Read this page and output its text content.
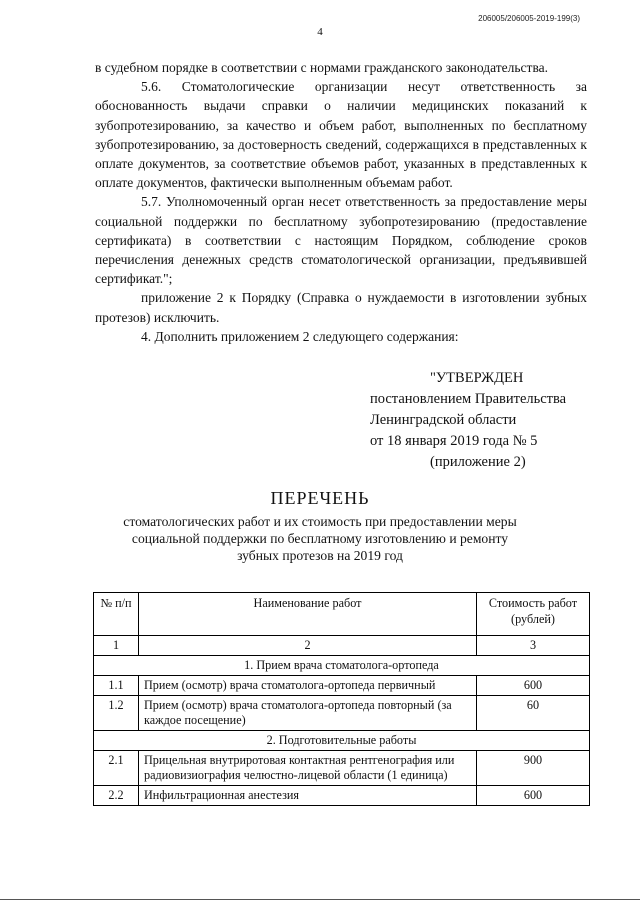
206005/206005-2019-199(3)
4

в судебном порядке в соответствии с нормами гражданского законодательства.

5.6. Стоматологические организации несут ответственность за обоснованность выдачи справки о наличии медицинских показаний к зубопротезированию, за качество и объем работ, выполненных по бесплатному зубопротезированию, за достоверность сведений, содержащихся в представленных к оплате документов, за соответствие объемов работ, указанных в представленных к оплате документов, фактически выполненным объемам работ.

5.7. Уполномоченный орган несет ответственность за предоставление меры социальной поддержки по бесплатному зубопротезированию (предоставление сертификата) в соответствии с настоящим Порядком, соблюдение сроков перечисления денежных средств стоматологической организации, предъявившей сертификат.";

приложение 2 к Порядку (Справка о нуждаемости в изготовлении зубных протезов) исключить.

4. Дополнить приложением 2 следующего содержания:

"УТВЕРЖДЕН
постановлением Правительства
Ленинградской области
от 18 января 2019 года № 5
(приложение 2)
ПЕРЕЧЕНЬ
стоматологических работ и их стоимость при предоставлении меры социальной поддержки по бесплатному изготовлению и ремонту зубных протезов на 2019 год
№ п/п	Наименование работ	Стоимость работ (рублей)
1	2	3
1. Прием врача стоматолога-ортопеда		
1.1	Прием (осмотр) врача стоматолога-ортопеда первичный	600
1.2	Прием (осмотр) врача стоматолога-ортопеда повторный (за каждое посещение)	60
2. Подготовительные работы		
2.1	Прицельная внутриротовая контактная рентгенография или радиовизиография челюстно-лицевой области (1 единица)	900
2.2	Инфильтрационная анестезия	600
